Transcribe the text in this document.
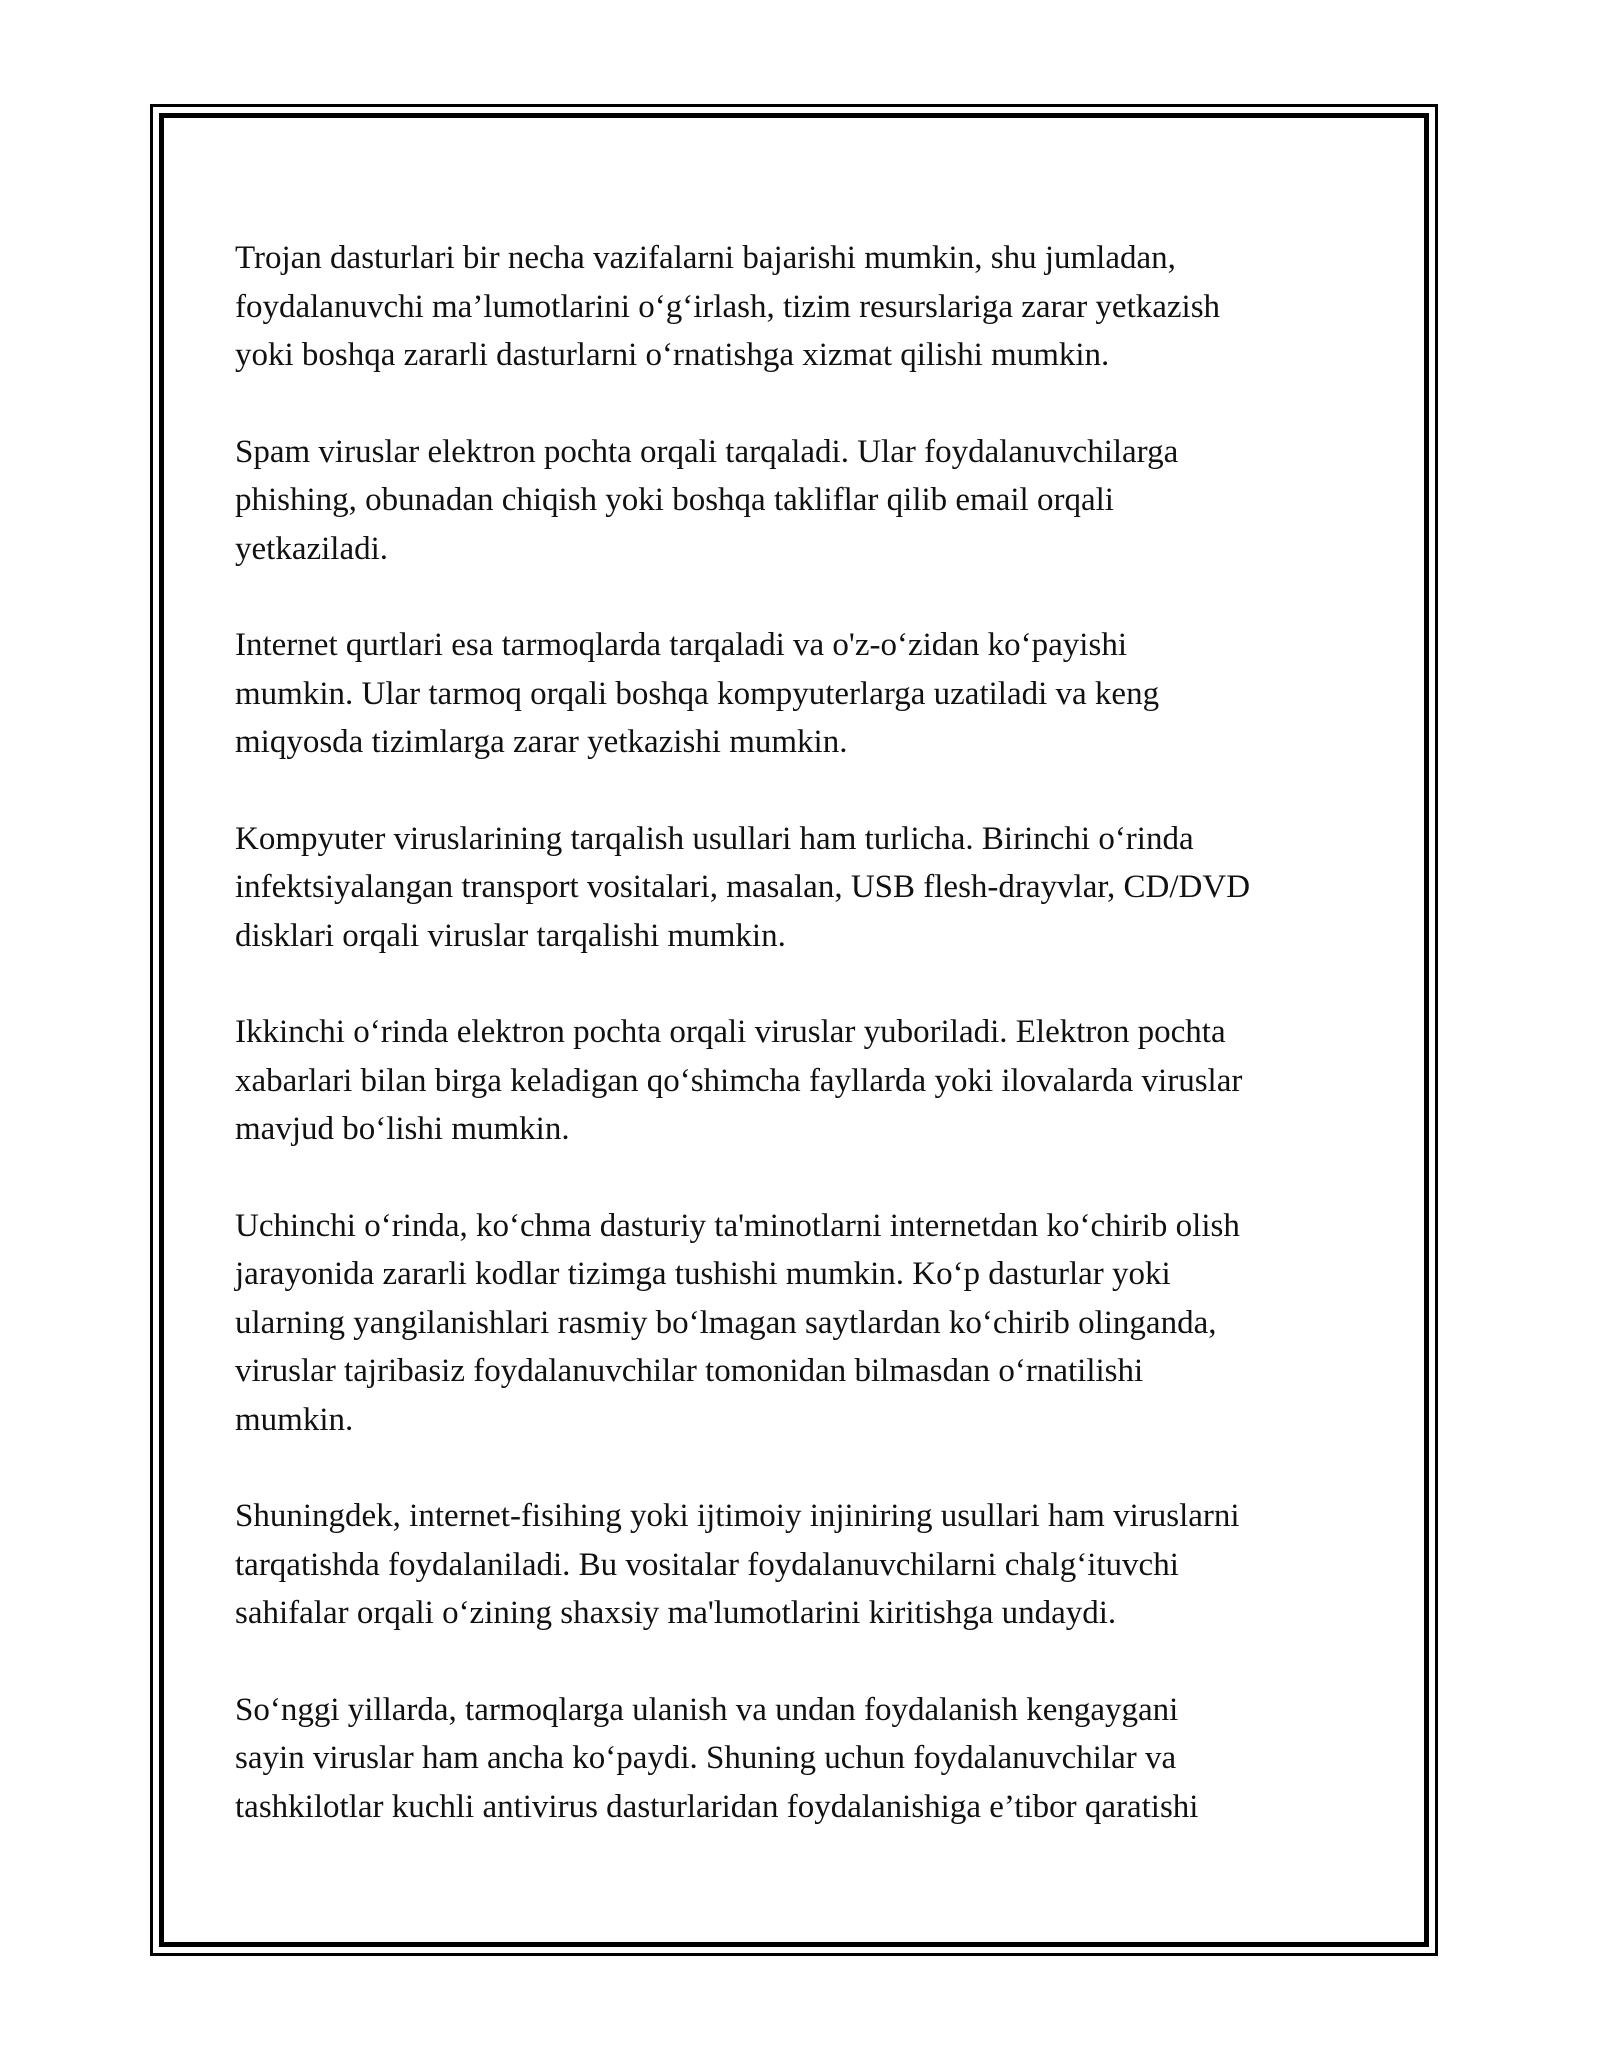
Trojan dasturlari bir necha vazifalarni bajarishi mumkin, shu jumladan,
foydalanuvchi ma’lumotlarini o‘g‘irlash, tizim resurslariga zarar yetkazish
yoki boshqa zararli dasturlarni o‘rnatishga xizmat qilishi mumkin.

Spam viruslar elektron pochta orqali tarqaladi. Ular foydalanuvchilarga
phishing, obunadan chiqish yoki boshqa takliflar qilib email orqali
yetkaziladi.

Internet qurtlari esa tarmoqlarda tarqaladi va o'z-o‘zidan ko‘payishi
mumkin. Ular tarmoq orqali boshqa kompyuterlarga uzatiladi va keng
miqyosda tizimlarga zarar yetkazishi mumkin.

Kompyuter viruslarining tarqalish usullari ham turlicha. Birinchi o‘rinda
infektsiyalangan transport vositalari, masalan, USB flesh-drayvlar, CD/DVD
disklari orqali viruslar tarqalishi mumkin.

Ikkinchi o‘rinda elektron pochta orqali viruslar yuboriladi. Elektron pochta
xabarlari bilan birga keladigan qo‘shimcha fayllarda yoki ilovalarda viruslar
mavjud bo‘lishi mumkin.

Uchinchi o‘rinda, ko‘chma dasturiy ta'minotlarni internetdan ko‘chirib olish
jarayonida zararli kodlar tizimga tushishi mumkin. Ko‘p dasturlar yoki
ularning yangilanishlari rasmiy bo‘lmagan saytlardan ko‘chirib olinganda,
viruslar tajribasiz foydalanuvchilar tomonidan bilmasdan o‘rnatilishi
mumkin.

Shuningdek, internet-fisihing yoki ijtimoiy injiniring usullari ham viruslarni
tarqatishda foydalaniladi. Bu vositalar foydalanuvchilarni chalg‘ituvchi
sahifalar orqali o‘zining shaxsiy ma'lumotlarini kiritishga undaydi.

So‘nggi yillarda, tarmoqlarga ulanish va undan foydalanish kengaygani
sayin viruslar ham ancha ko‘paydi. Shuning uchun foydalanuvchilar va
tashkilotlar kuchli antivirus dasturlaridan foydalanishiga e’tibor qaratishi
